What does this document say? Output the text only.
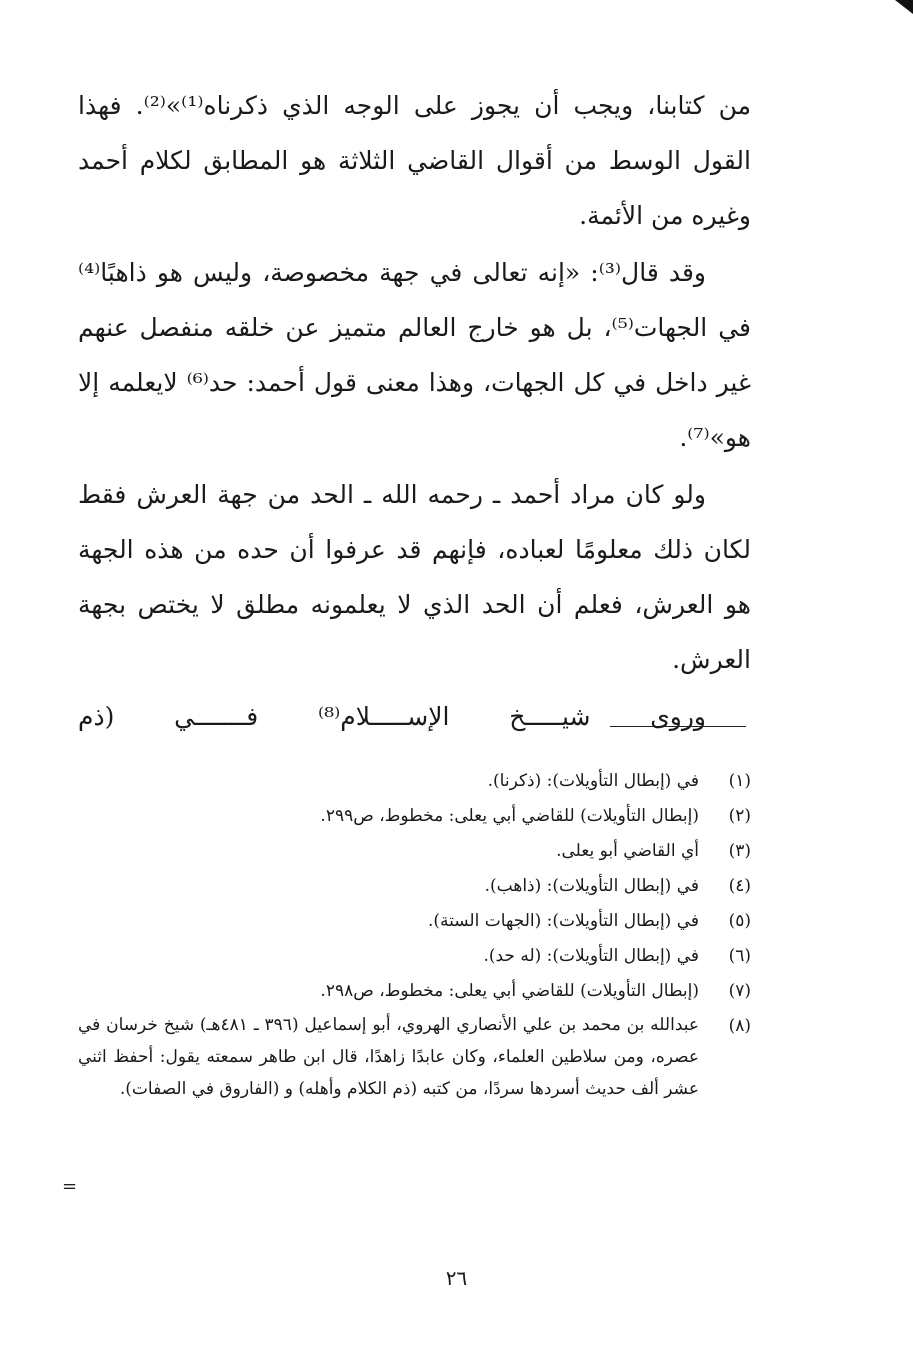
من كتابنا، ويجب أن يجوز على الوجه الذي ذكرناه⁽¹⁾»⁽²⁾. فهذا القول الوسط من أقوال القاضي الثلاثة هو المطابق لكلام أحمد وغيره من الأئمة.

وقد قال⁽³⁾: «إنه تعالى في جهة مخصوصة، وليس هو ذاهبًا⁽⁴⁾ في الجهات⁽⁵⁾، بل هو خارج العالم متميز عن خلقه منفصل عنهم غير داخل في كل الجهات، وهذا معنى قول أحمد: حد⁽⁶⁾ لايعلمه إلا هو»⁽⁷⁾.

ولو كان مراد أحمد ـ رحمه الله ـ الحد من جهة العرش فقط لكان ذلك معلومًا لعباده، فإنهم قد عرفوا أن حده من هذه الجهة هو العرش، فعلم أن الحد الذي لا يعلمونه مطلق لا يختص بجهة العرش.

وروى
شيـــــخ
الإســـــلام⁽⁸⁾
فـــــــي
(ذم
(١)
في (إبطال التأويلات): (ذكرنا).
(٢)
(إبطال التأويلات) للقاضي أبي يعلى: مخطوط، ص٢٩٩.
(٣)
أي القاضي أبو يعلى.
(٤)
في (إبطال التأويلات): (ذاهب).
(٥)
في (إبطال التأويلات): (الجهات الستة).
(٦)
في (إبطال التأويلات): (له حد).
(٧)
(إبطال التأويلات) للقاضي أبي يعلى: مخطوط، ص٢٩٨.
(٨)
عبدالله بن محمد بن علي الأنصاري الهروي، أبو إسماعيل (٣٩٦ ـ ٤٨١هـ) شيخ خرسان في عصره، ومن سلاطين العلماء، وكان عابدًا زاهدًا، قال ابن طاهر سمعته يقول: أحفظ اثني عشر ألف حديث أسردها سردًا، من كتبه (ذم الكلام وأهله) و (الفاروق في الصفات).
=
٢٦
